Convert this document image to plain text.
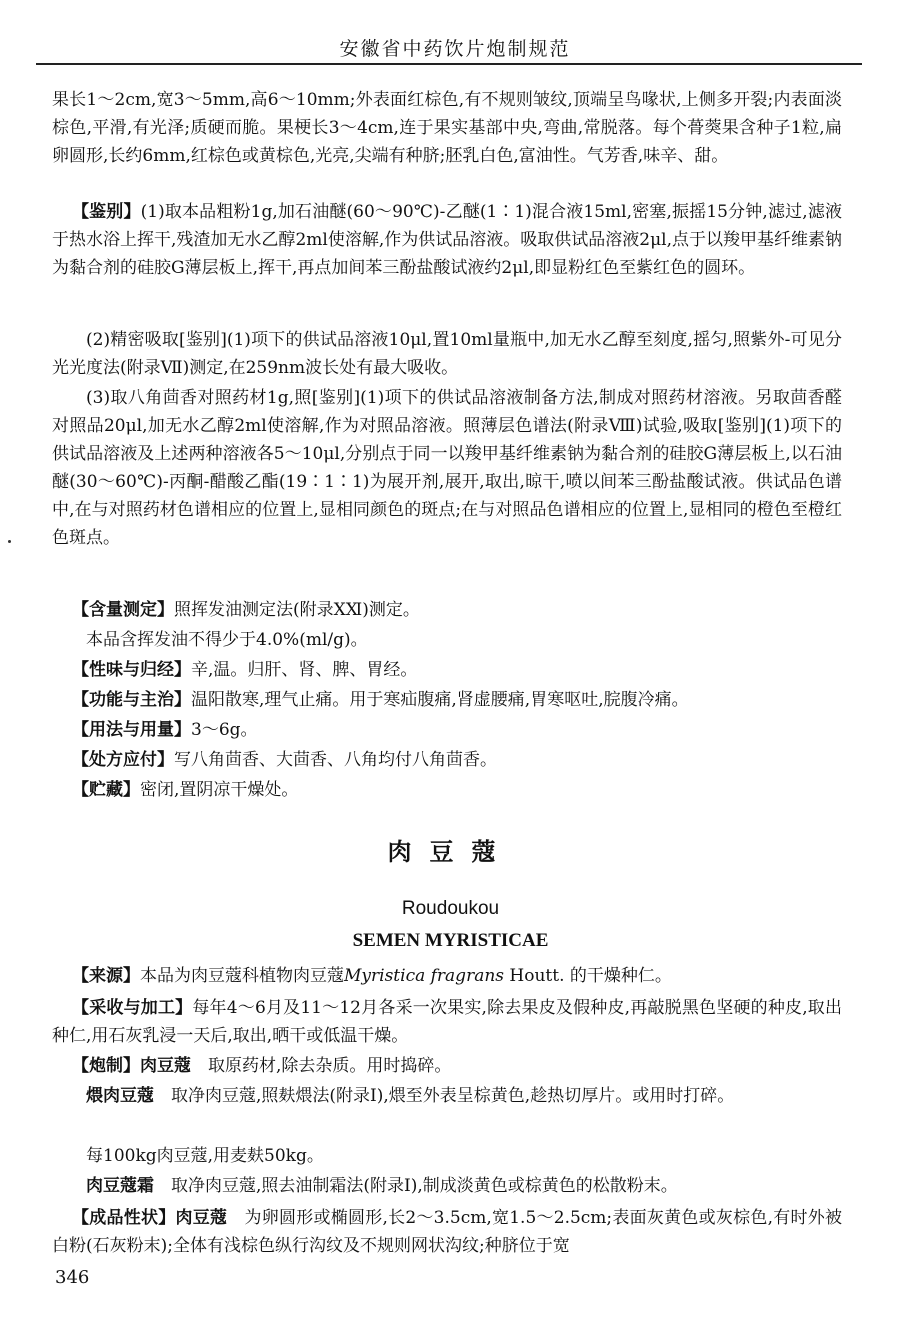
安徽省中药饮片炮制规范

果长1～2cm,宽3～5mm,高6～10mm;外表面红棕色,有不规则皱纹,顶端呈鸟喙状,上侧多开裂;内表面淡棕色,平滑,有光泽;质硬而脆。果梗长3～4cm,连于果实基部中央,弯曲,常脱落。每个蓇葖果含种子1粒,扁卵圆形,长约6mm,红棕色或黄棕色,光亮,尖端有种脐;胚乳白色,富油性。气芳香,味辛、甜。

【鉴别】(1)取本品粗粉1g,加石油醚(60～90℃)-乙醚(1∶1)混合液15ml,密塞,振摇15分钟,滤过,滤液于热水浴上挥干,残渣加无水乙醇2ml使溶解,作为供试品溶液。吸取供试品溶液2μl,点于以羧甲基纤维素钠为黏合剂的硅胶G薄层板上,挥干,再点加间苯三酚盐酸试液约2μl,即显粉红色至紫红色的圆环。

(2)精密吸取[鉴别](1)项下的供试品溶液10μl,置10ml量瓶中,加无水乙醇至刻度,摇匀,照紫外-可见分光光度法(附录Ⅶ)测定,在259nm波长处有最大吸收。

(3)取八角茴香对照药材1g,照[鉴别](1)项下的供试品溶液制备方法,制成对照药材溶液。另取茴香醛对照品20μl,加无水乙醇2ml使溶解,作为对照品溶液。照薄层色谱法(附录Ⅷ)试验,吸取[鉴别](1)项下的供试品溶液及上述两种溶液各5～10μl,分别点于同一以羧甲基纤维素钠为黏合剂的硅胶G薄层板上,以石油醚(30～60℃)-丙酮-醋酸乙酯(19∶1∶1)为展开剂,展开,取出,晾干,喷以间苯三酚盐酸试液。供试品色谱中,在与对照药材色谱相应的位置上,显相同颜色的斑点;在与对照品色谱相应的位置上,显相同的橙色至橙红色斑点。

【含量测定】照挥发油测定法(附录ⅩⅪ)测定。

本品含挥发油不得少于4.0%(ml/g)。

【性味与归经】辛,温。归肝、肾、脾、胃经。

【功能与主治】温阳散寒,理气止痛。用于寒疝腹痛,肾虚腰痛,胃寒呕吐,脘腹冷痛。

【用法与用量】3～6g。

【处方应付】写八角茴香、大茴香、八角均付八角茴香。

【贮藏】密闭,置阴凉干燥处。

肉豆蔻
Roudoukou
SEMEN MYRISTICAE

【来源】本品为肉豆蔻科植物肉豆蔻Myristica fragrans Houtt. 的干燥种仁。

【采收与加工】每年4～6月及11～12月各采一次果实,除去果皮及假种皮,再敲脱黑色坚硬的种皮,取出种仁,用石灰乳浸一天后,取出,晒干或低温干燥。

【炮制】肉豆蔻　取原药材,除去杂质。用时捣碎。

煨肉豆蔻　取净肉豆蔻,照麸煨法(附录Ⅰ),煨至外表呈棕黄色,趁热切厚片。或用时打碎。

每100kg肉豆蔻,用麦麸50kg。

肉豆蔻霜　取净肉豆蔻,照去油制霜法(附录Ⅰ),制成淡黄色或棕黄色的松散粉末。

【成品性状】肉豆蔻　为卵圆形或椭圆形,长2～3.5cm,宽1.5～2.5cm;表面灰黄色或灰棕色,有时外被白粉(石灰粉末);全体有浅棕色纵行沟纹及不规则网状沟纹;种脐位于宽

346
